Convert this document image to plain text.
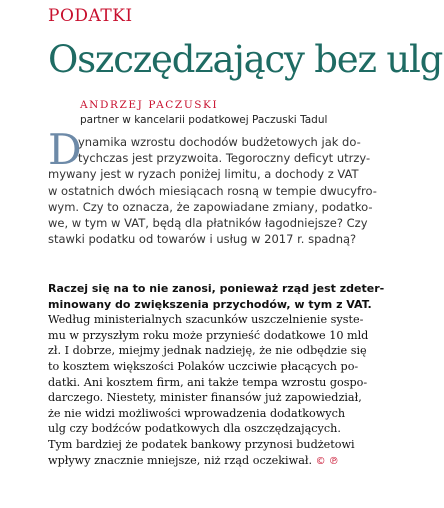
PODATKI
Oszczędzający bez ulg
ANDRZEJ PACZUSKI
partner w kancelarii podatkowej Paczuski Tadul
D
ynamika wzrostu dochodów budżetowych jak do-
tychczas jest przyzwoita. Tegoroczny deficyt utrzy-
mywany jest w ryzach poniżej limitu, a dochody z VAT
w ostatnich dwóch miesiącach rosną w tempie dwucyfro-
wym. Czy to oznacza, że zapowiadane zmiany, podatko-
we, w tym w VAT, będą dla płatników łagodniejsze? Czy
stawki podatku od towarów i usług w 2017 r. spadną?
Raczej się na to nie zanosi, ponieważ rząd jest zdeter-
minowany do zwiększenia przychodów, w tym z VAT.
Według ministerialnych szacunków uszczelnienie syste-
mu w przyszłym roku może przynieść dodatkowe 10 mld
zł. I dobrze, miejmy jednak nadzieję, że nie odbędzie się
to kosztem większości Polaków uczciwie płacących po-
datki. Ani kosztem firm, ani także tempa wzrostu gospo-
darczego. Niestety, minister finansów już zapowiedział,
że nie widzi możliwości wprowadzenia dodatkowych
ulg czy bodźców podatkowych dla oszczędzających.
Tym bardziej że podatek bankowy przynosi budżetowi
wpływy znacznie mniejsze, niż rząd oczekiwał. © ℗
